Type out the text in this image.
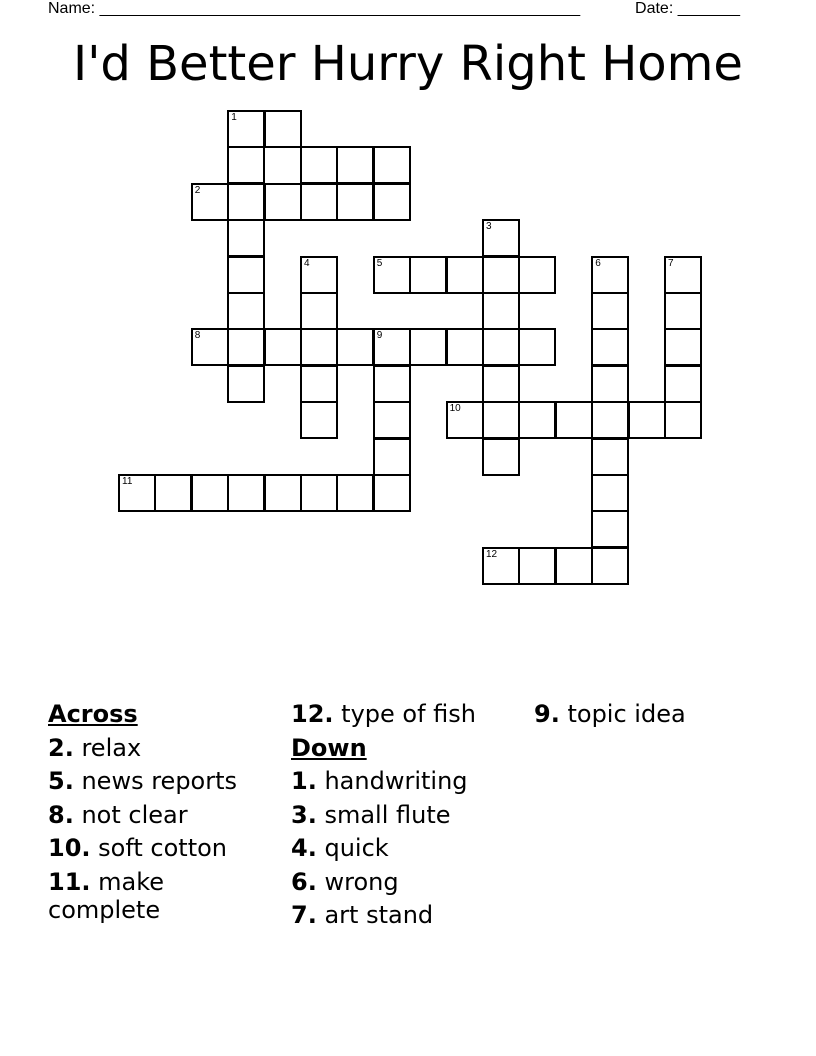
Name: ______________________________________________________	Date: _______
I'd Better Hurry Right Home
1
2
3
4	5	6	7
8	9
10
11
12
Across
2. relax
5. news reports
8. not clear
10. soft cotton
11. make complete
12. type of fish
Down
1. handwriting
3. small flute
4. quick
6. wrong
7. art stand
9. topic idea
